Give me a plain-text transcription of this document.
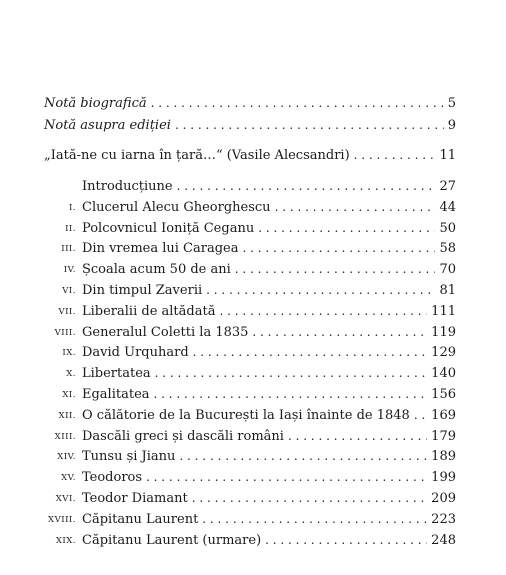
Notă biografică . . .	5
Notă asupra ediției . . .	9
„Iată-ne cu iarna în țară…“ (Vasile Alecsandri) . . .	11
Introducțiune . . .	27
I. Clucerul Alecu Gheorghescu . . .	44
II. Polcovnicul Ioniță Ceganu . . .	50
III. Din vremea lui Caragea . . .	58
IV. Școala acum 50 de ani . . .	70
VI. Din timpul Zaverii . . .	81
VII. Liberalii de altădată . . .	111
VIII. Generalul Coletti la 1835 . . .	119
IX. David Urquhard . . .	129
X. Libertatea . . .	140
XI. Egalitatea . . .	156
XII. O călătorie de la București la Iași înainte de 1848 . . . 169
XIII. Dascăli greci și dascăli români . . .	179
XIV. Tunsu și Jianu . . .	189
XV. Teodoros . . .	199
XVI. Teodor Diamant . . .	209
XVIII. Căpitanu Laurent . . .	223
XIX. Căpitanu Laurent (urmare) . . .	248
